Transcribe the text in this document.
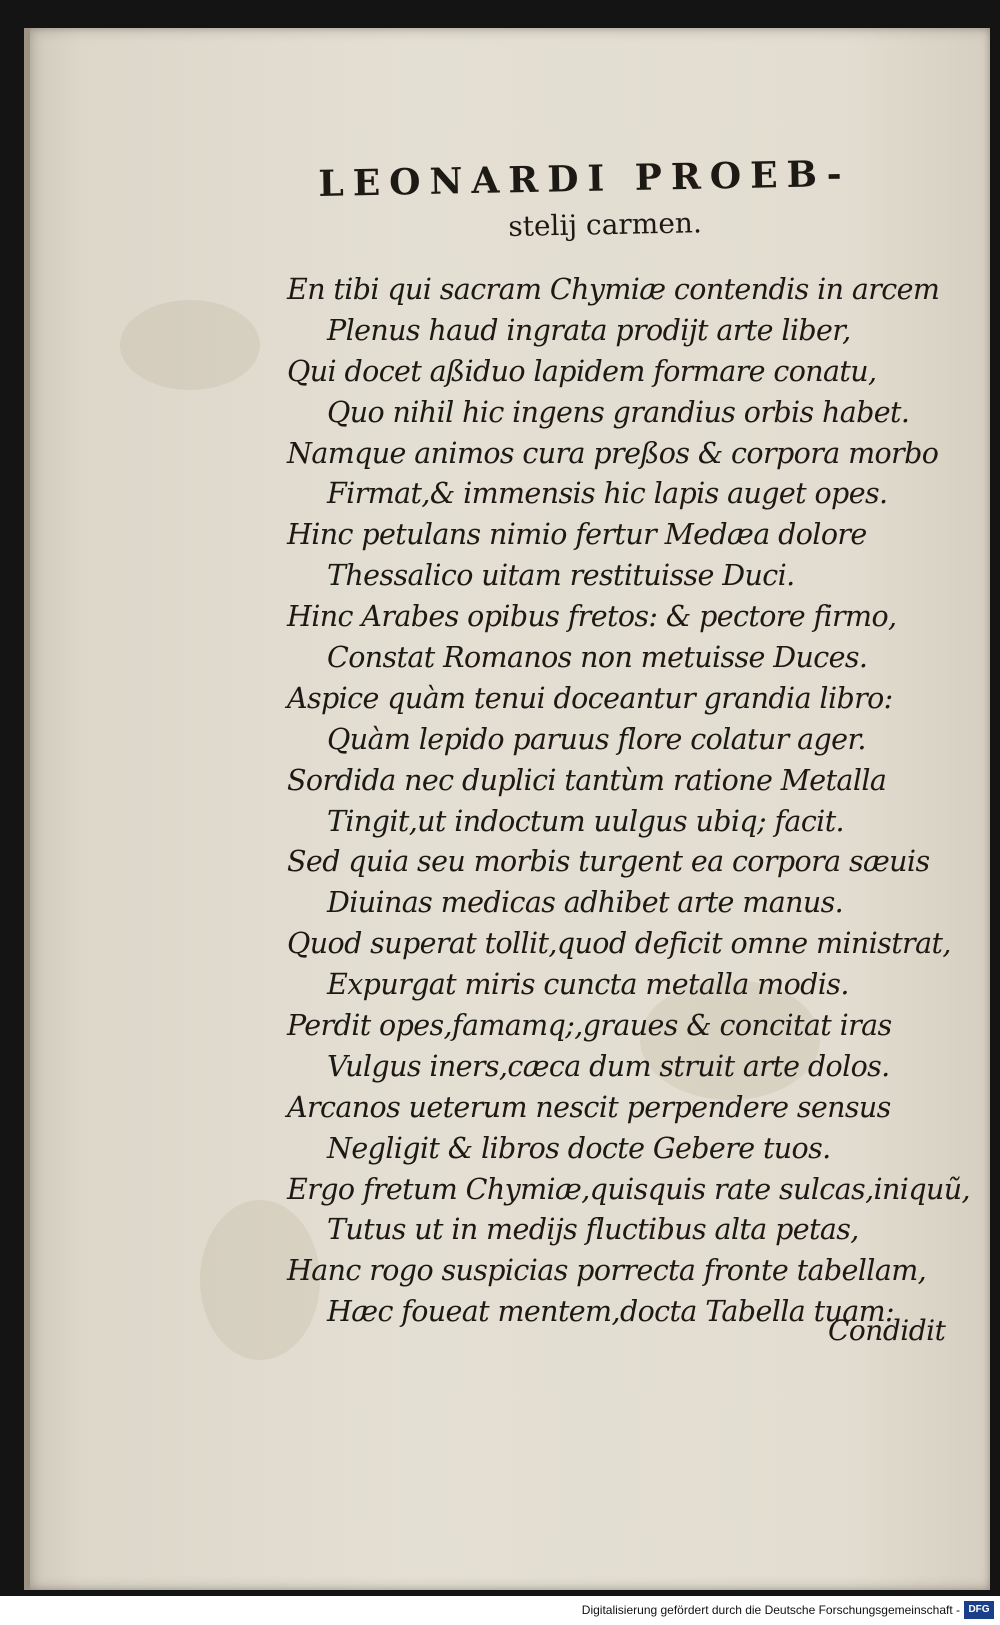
LEONARDI PROEB-
stelij carmen.
En tibi qui sacram Chymiæ contendis in arcem
Plenus haud ingrata prodijt arte liber,
Qui docet aßiduo lapidem formare conatu,
Quo nihil hic ingens grandius orbis habet.
Namque animos cura preßos & corpora morbo
Firmat,& immensis hic lapis auget opes.
Hinc petulans nimio fertur Medæa dolore
Thessalico uitam restituisse Duci.
Hinc Arabes opibus fretos: & pectore firmo,
Constat Romanos non metuisse Duces.
Aspice quàm tenui doceantur grandia libro:
Quàm lepido paruus flore colatur ager.
Sordida nec duplici tantùm ratione Metalla
Tingit,ut indoctum uulgus ubiq; facit.
Sed quia seu morbis turgent ea corpora sæuis
Diuinas medicas adhibet arte manus.
Quod superat tollit,quod deficit omne ministrat,
Expurgat miris cuncta metalla modis.
Perdit opes,famamq;,graues & concitat iras
Vulgus iners,cæca dum struit arte dolos.
Arcanos ueterum nescit perpendere sensus
Negligit & libros docte Gebere tuos.
Ergo fretum Chymiæ,quisquis rate sulcas,iniquũ,
Tutus ut in medijs fluctibus alta petas,
Hanc rogo suspicias porrecta fronte tabellam,
Hæc foueat mentem,docta Tabella tuam:
Condidit
Digitalisierung gefördert durch die Deutsche Forschungsgemeinschaft - DFG
